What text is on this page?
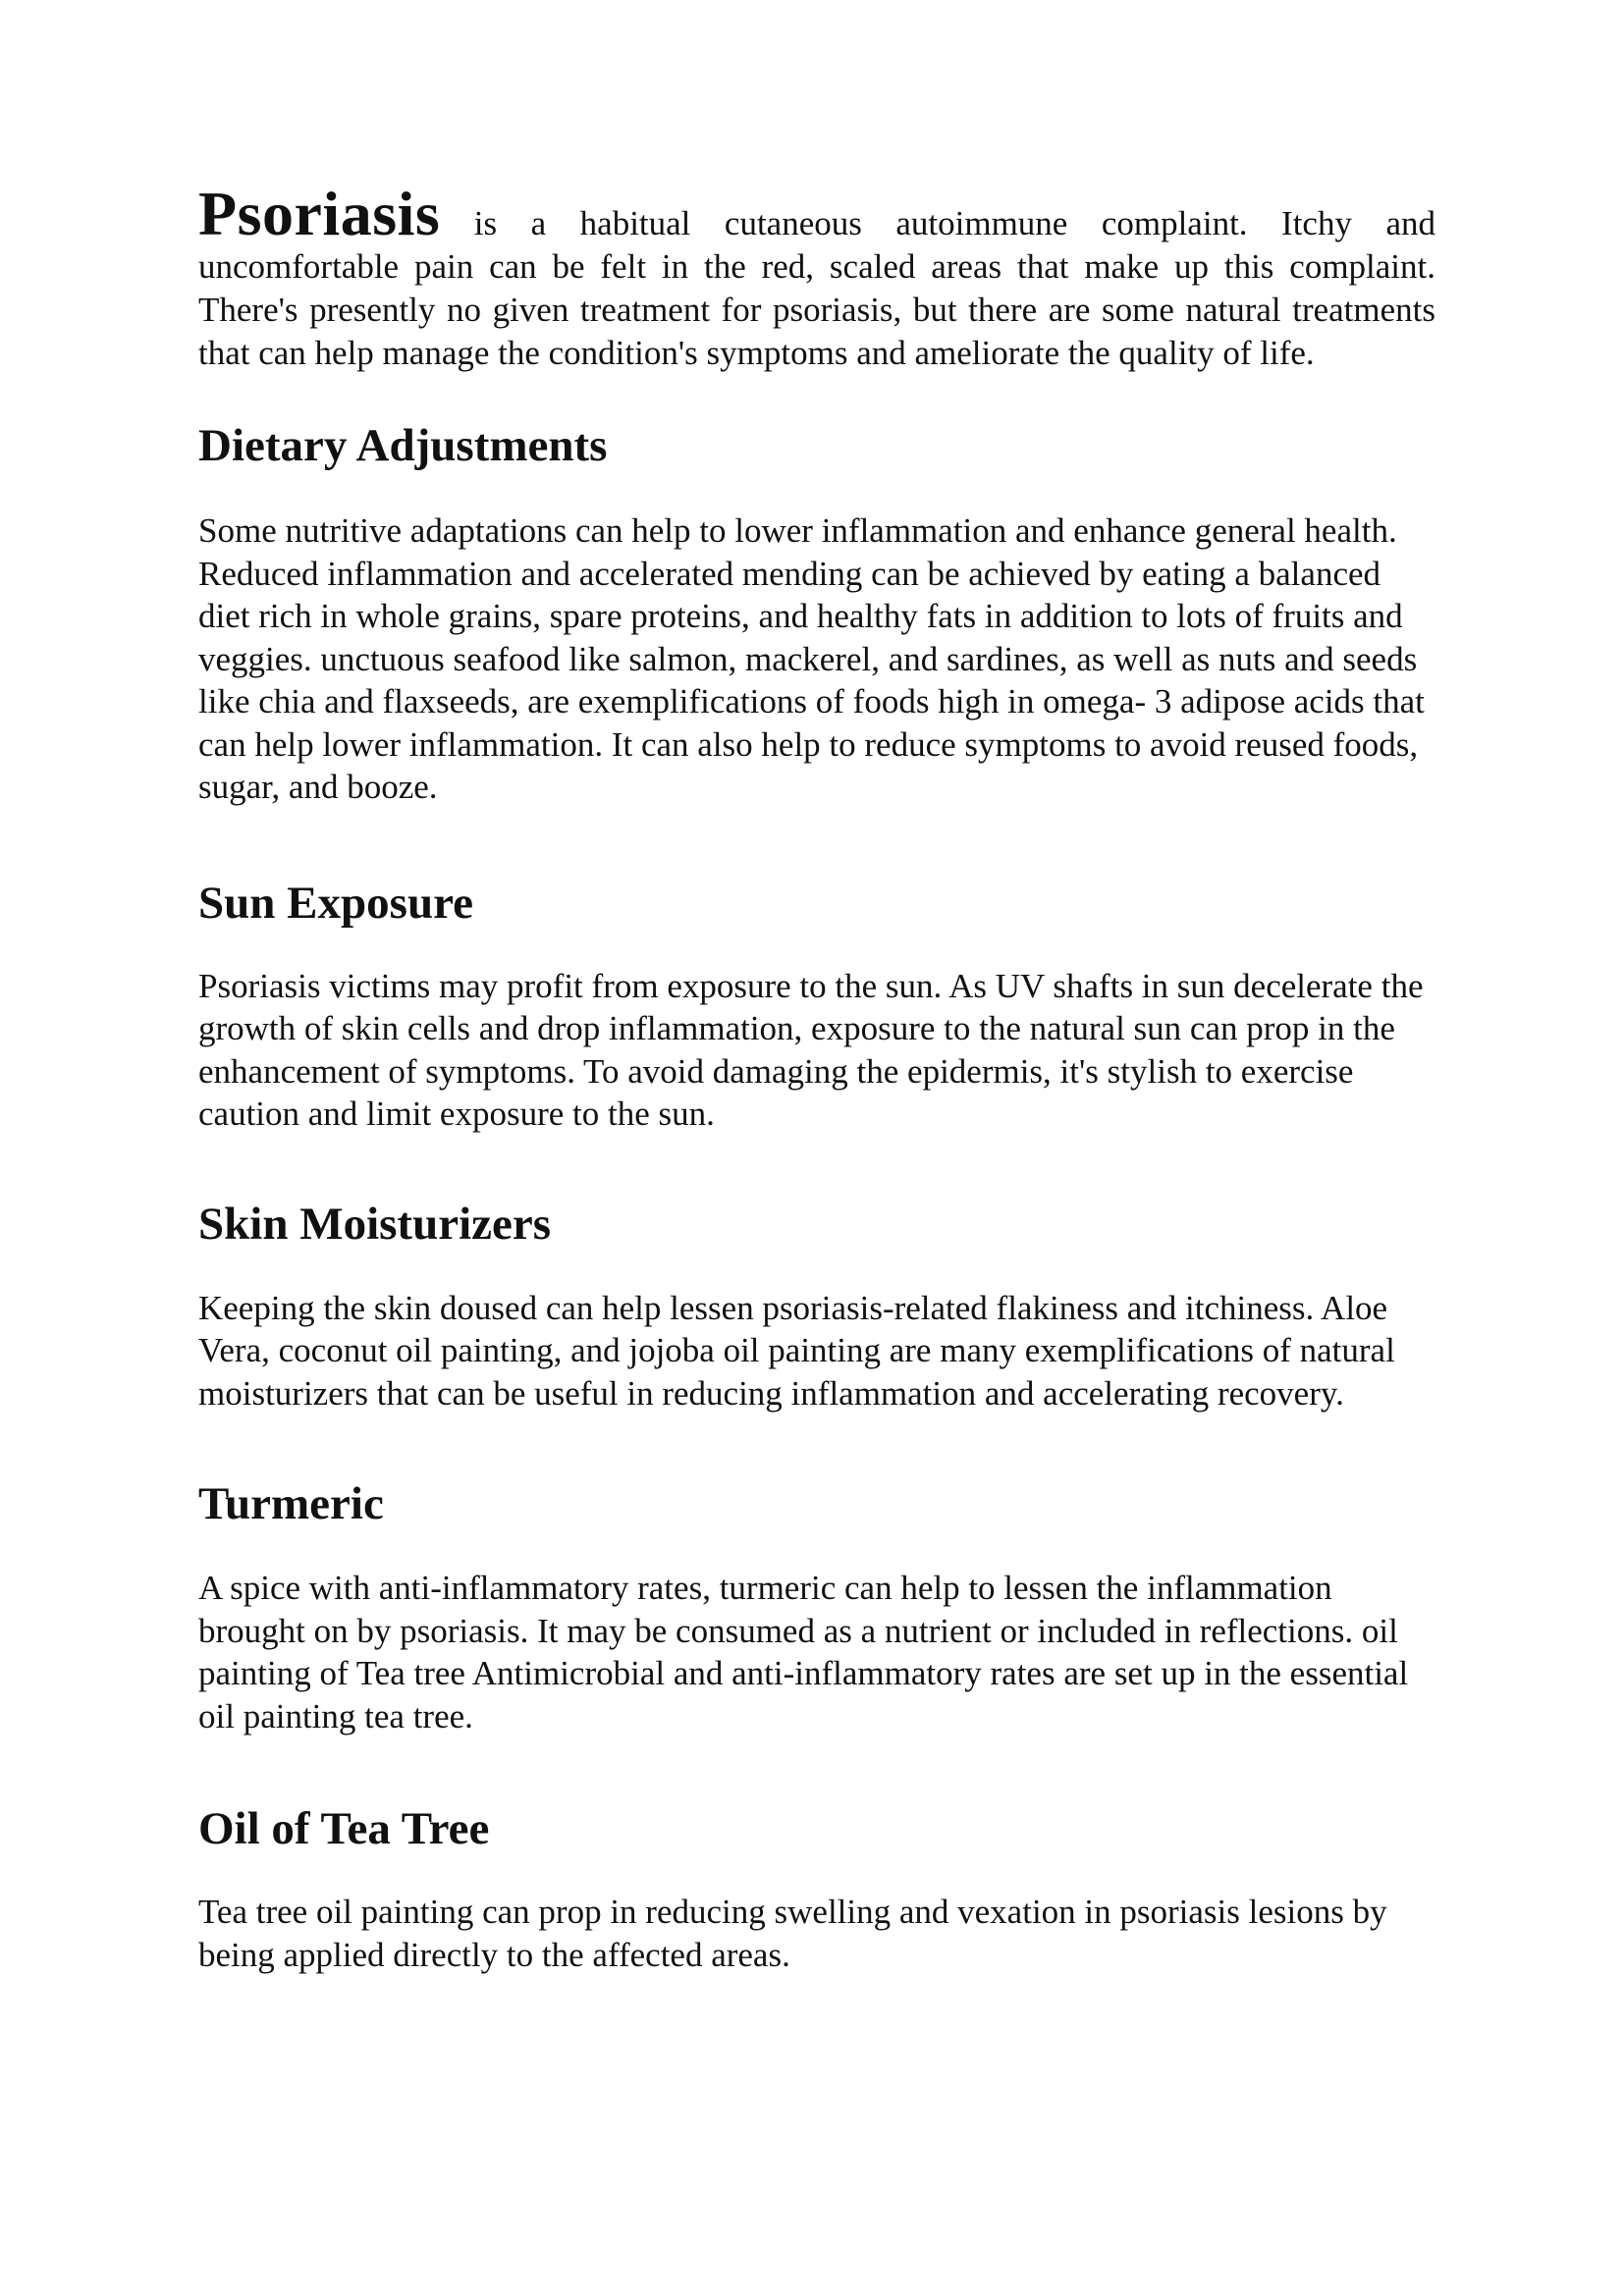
Psoriasis is a habitual cutaneous autoimmune complaint. Itchy and uncomfortable pain can be felt in the red, scaled areas that make up this complaint. There's presently no given treatment for psoriasis, but there are some natural treatments that can help manage the condition's symptoms and ameliorate the quality of life.

Dietary Adjustments

Some nutritive adaptations can help to lower inflammation and enhance general health. Reduced inflammation and accelerated mending can be achieved by eating a balanced diet rich in whole grains, spare proteins, and healthy fats in addition to lots of fruits and veggies. unctuous seafood like salmon, mackerel, and sardines, as well as nuts and seeds like chia and flaxseeds, are exemplifications of foods high in omega- 3 adipose acids that can help lower inflammation. It can also help to reduce symptoms to avoid reused foods, sugar, and booze.

Sun Exposure

Psoriasis victims may profit from exposure to the sun. As UV shafts in sun decelerate the growth of skin cells and drop inflammation, exposure to the natural sun can prop in the enhancement of symptoms. To avoid damaging the epidermis, it's stylish to exercise caution and limit exposure to the sun.

Skin Moisturizers

Keeping the skin doused can help lessen psoriasis-related flakiness and itchiness. Aloe Vera, coconut oil painting, and jojoba oil painting are many exemplifications of natural moisturizers that can be useful in reducing inflammation and accelerating recovery.

Turmeric

A spice with anti-inflammatory rates, turmeric can help to lessen the inflammation brought on by psoriasis. It may be consumed as a nutrient or included in reflections. oil painting of Tea tree Antimicrobial and anti-inflammatory rates are set up in the essential oil painting tea tree.

Oil of Tea Tree

Tea tree oil painting can prop in reducing swelling and vexation in psoriasis lesions by being applied directly to the affected areas.
